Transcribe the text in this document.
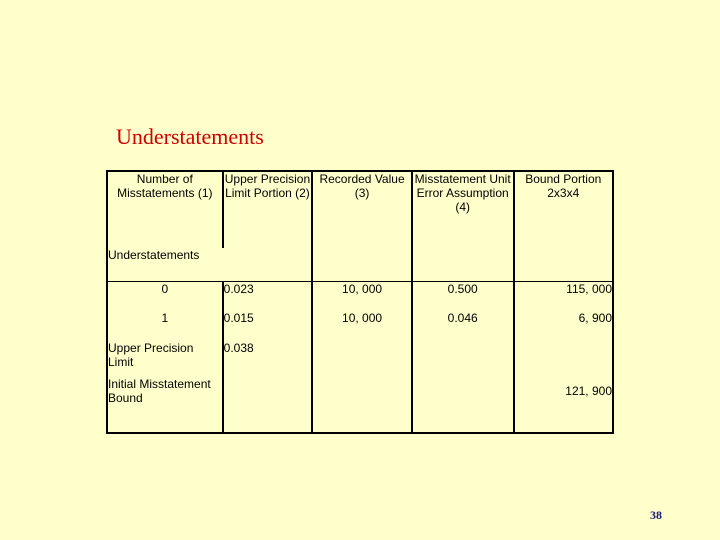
Understatements
Number of Misstatements (1)	Upper Precision Limit Portion (2)	Recorded Value (3)	Misstatement Unit Error Assumption (4)	Bound Portion 2x3x4
Understatements				
0	0.023	10, 000	0.500	115, 000
1	0.015	10, 000	0.046	6, 900
Upper Precision Limit	0.038			
Initial Misstatement Bound				121, 900
38
